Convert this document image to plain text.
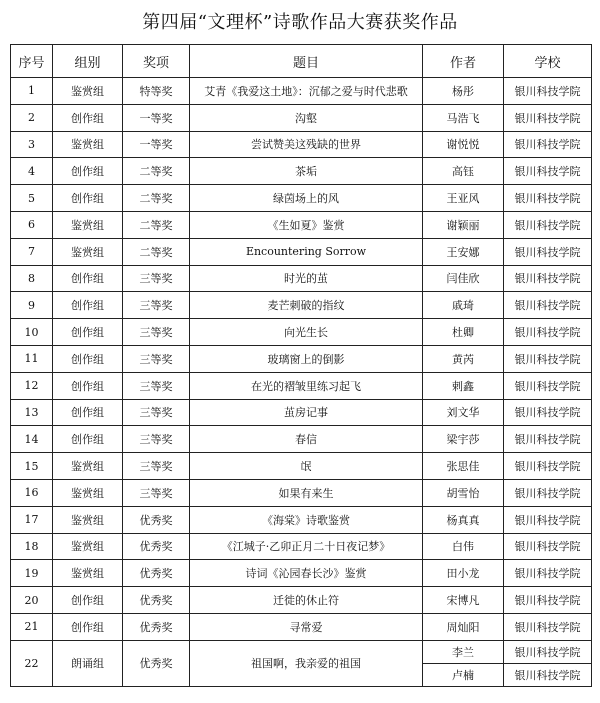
第四届“文理杯”诗歌作品大赛获奖作品
序号	组别	奖项	题目	作者	学校
1	鉴赏组	特等奖	艾青《我爱这土地》：沉郁之爱与时代悲歌	杨彤	银川科技学院
2	创作组	一等奖	沟壑	马浩飞	银川科技学院
3	鉴赏组	一等奖	尝试赞美这残缺的世界	谢悦悦	银川科技学院
4	创作组	二等奖	茶垢	高钰	银川科技学院
5	创作组	二等奖	绿茵场上的风	王亚风	银川科技学院
6	鉴赏组	二等奖	《生如夏》鉴赏	谢颖丽	银川科技学院
7	鉴赏组	二等奖	Encountering Sorrow	王安娜	银川科技学院
8	创作组	三等奖	时光的茧	闫佳欣	银川科技学院
9	创作组	三等奖	麦芒刺破的指纹	戚琦	银川科技学院
10	创作组	三等奖	向光生长	杜卿	银川科技学院
11	创作组	三等奖	玻璃窗上的倒影	黄芮	银川科技学院
12	创作组	三等奖	在光的褶皱里练习起飞	剌鑫	银川科技学院
13	创作组	三等奖	茧房记事	刘文华	银川科技学院
14	创作组	三等奖	春信	梁宇莎	银川科技学院
15	鉴赏组	三等奖	氓	张思佳	银川科技学院
16	鉴赏组	三等奖	如果有来生	胡雪怡	银川科技学院
17	鉴赏组	优秀奖	《海棠》诗歌鉴赏	杨真真	银川科技学院
18	鉴赏组	优秀奖	《江城子·乙卯正月二十日夜记梦》	白伟	银川科技学院
19	鉴赏组	优秀奖	诗词《沁园春长沙》鉴赏	田小龙	银川科技学院
20	创作组	优秀奖	迁徙的休止符	宋博凡	银川科技学院
21	创作组	优秀奖	寻常爱	周灿阳	银川科技学院
22	朗诵组	优秀奖	祖国啊，我亲爱的祖国	李兰	银川科技学院
				卢楠	银川科技学院
